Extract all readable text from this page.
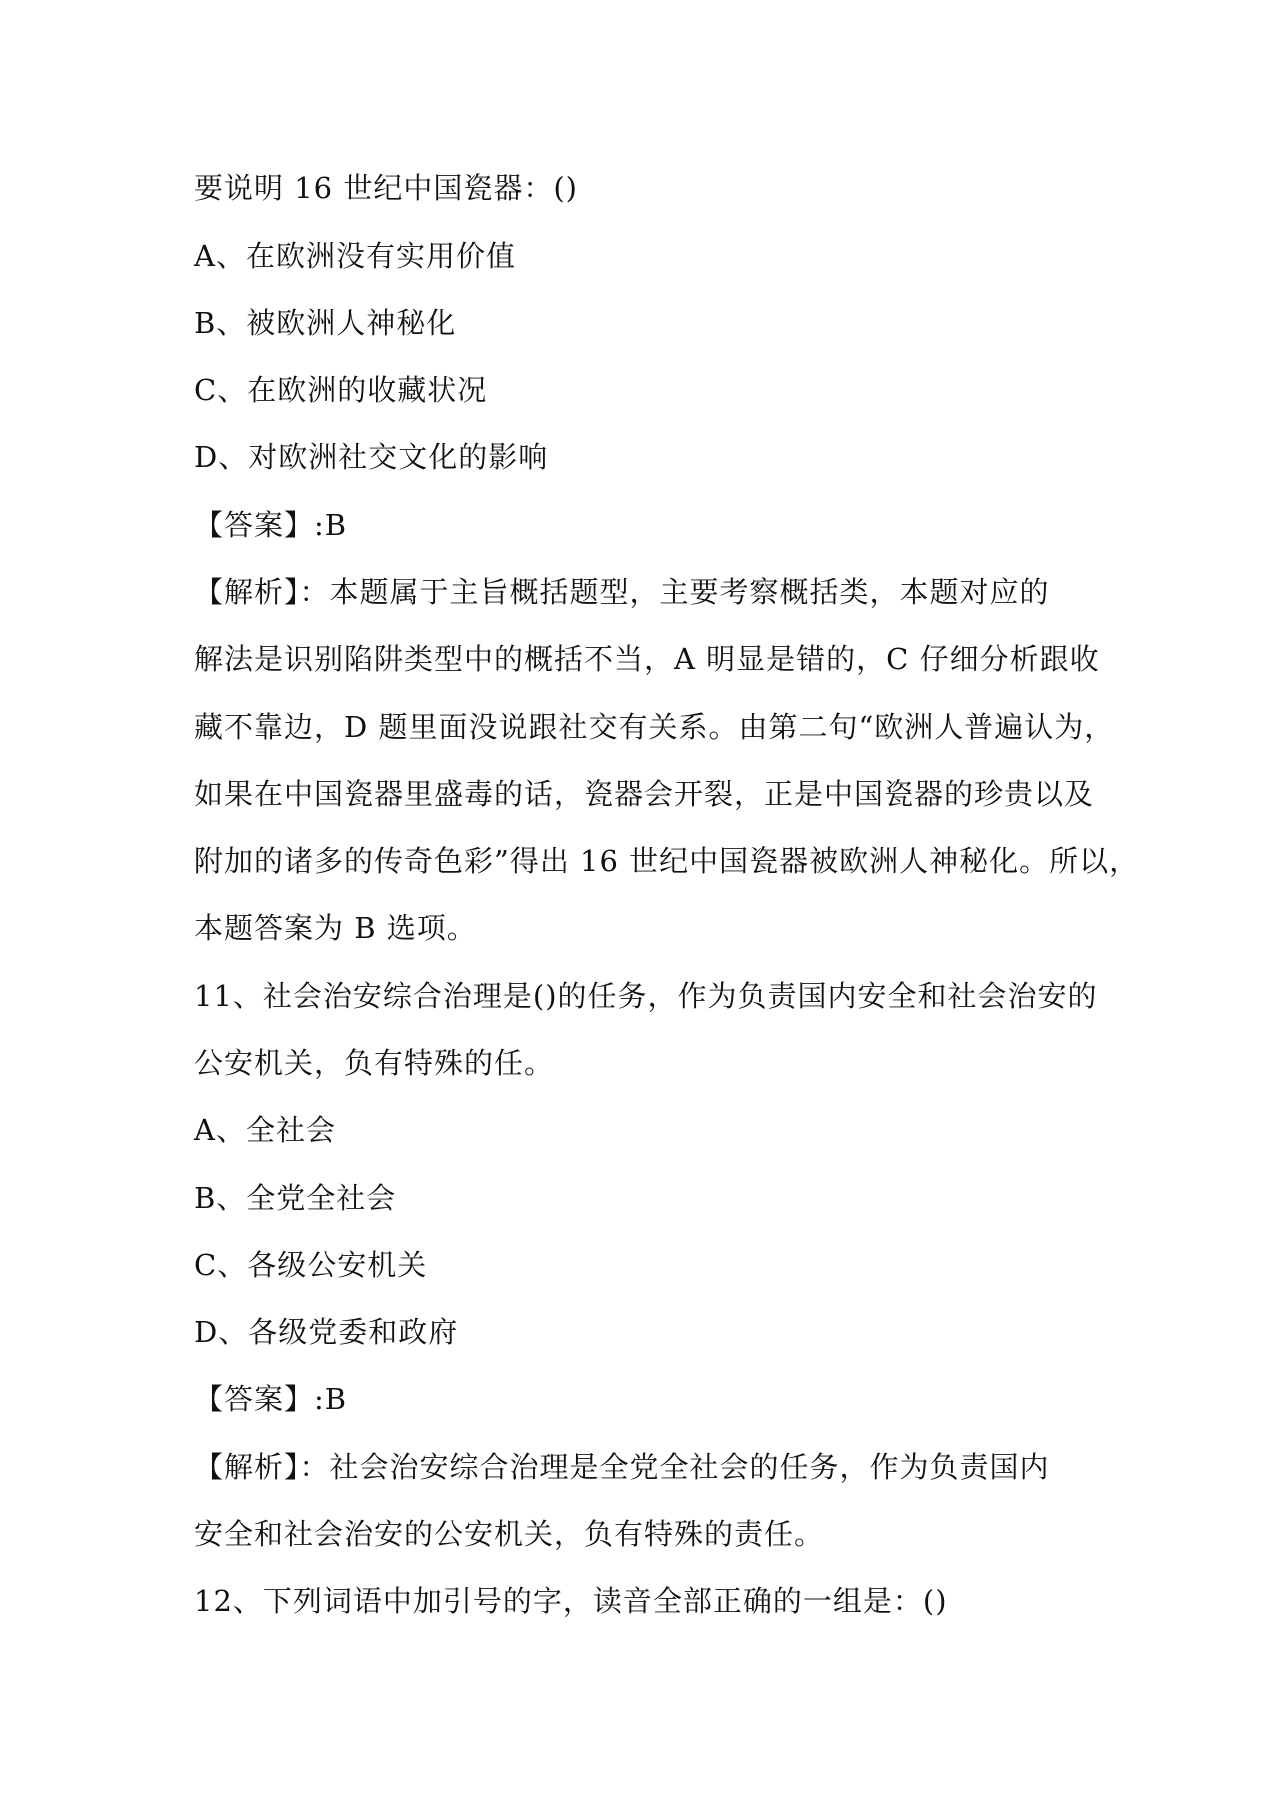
要说明 16 世纪中国瓷器：()
A、在欧洲没有实用价值
B、被欧洲人神秘化
C、在欧洲的收藏状况
D、对欧洲社交文化的影响
【答案】:B
【解析】：本题属于主旨概括题型，主要考察概括类，本题对应的
解法是识别陷阱类型中的概括不当，A 明显是错的，C 仔细分析跟收
藏不靠边，D 题里面没说跟社交有关系。由第二句“欧洲人普遍认为，
如果在中国瓷器里盛毒的话，瓷器会开裂，正是中国瓷器的珍贵以及
附加的诸多的传奇色彩”得出 16 世纪中国瓷器被欧洲人神秘化。所以，
本题答案为 B 选项。
11、社会治安综合治理是()的任务，作为负责国内安全和社会治安的
公安机关，负有特殊的任。
A、全社会
B、全党全社会
C、各级公安机关
D、各级党委和政府
【答案】:B
【解析】：社会治安综合治理是全党全社会的任务，作为负责国内
安全和社会治安的公安机关，负有特殊的责任。
12、下列词语中加引号的字，读音全部正确的一组是：()
